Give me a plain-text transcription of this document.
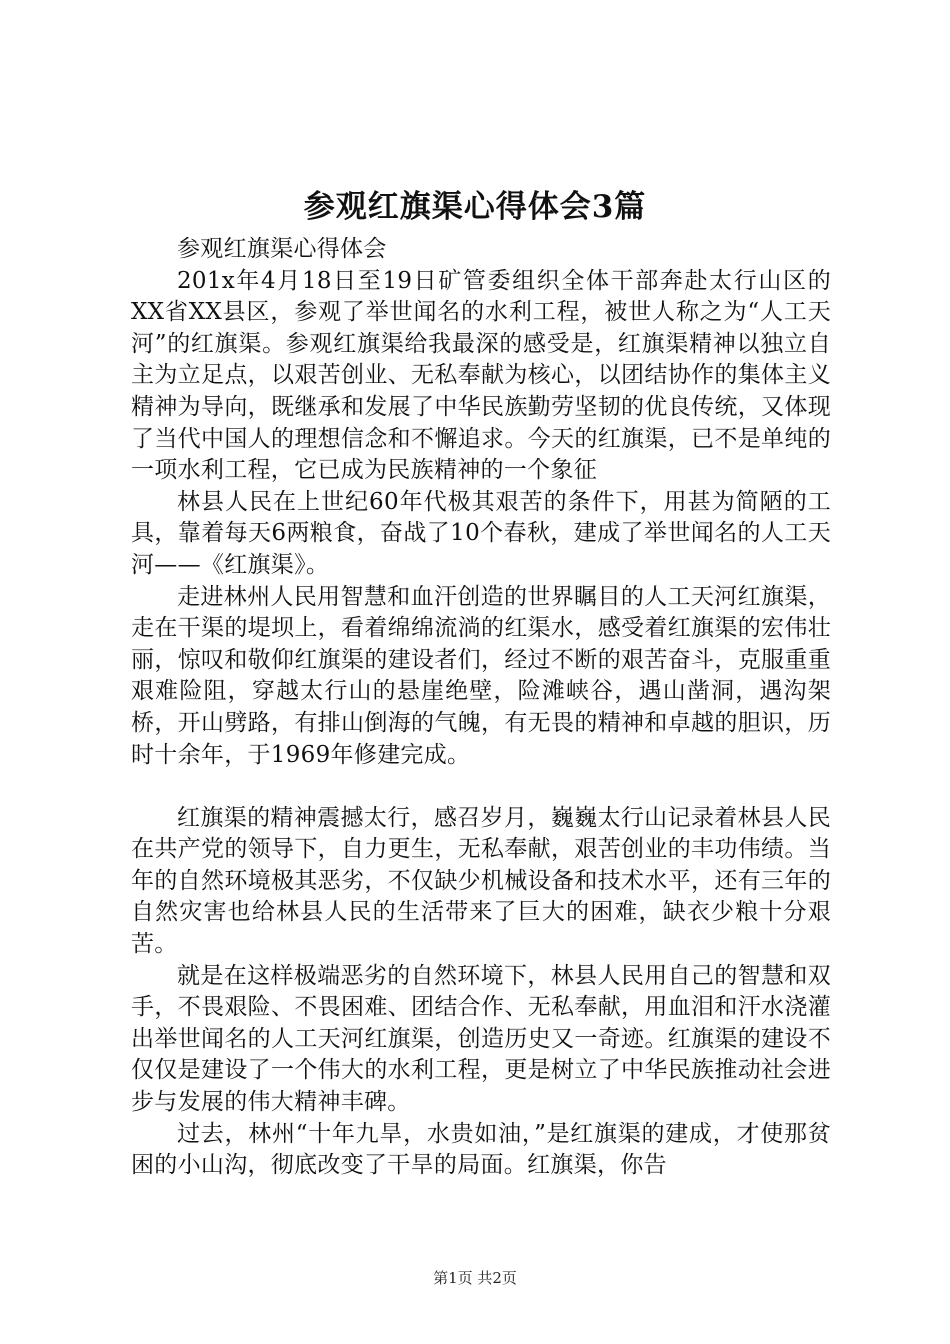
参观红旗渠心得体会3篇

参观红旗渠心得体会

201x年4月18日至19日矿管委组织全体干部奔赴太行山区的XX省XX县区，参观了举世闻名的水利工程，被世人称之为“人工天河”的红旗渠。参观红旗渠给我最深的感受是，红旗渠精神以独立自主为立足点，以艰苦创业、无私奉献为核心，以团结协作的集体主义精神为导向，既继承和发展了中华民族勤劳坚韧的优良传统，又体现了当代中国人的理想信念和不懈追求。今天的红旗渠，已不是单纯的一项水利工程，它已成为民族精神的一个象征

林县人民在上世纪60年代极其艰苦的条件下，用甚为简陋的工具，靠着每天6两粮食，奋战了10个春秋，建成了举世闻名的人工天河——《红旗渠》。

走进林州人民用智慧和血汗创造的世界瞩目的人工天河红旗渠，走在干渠的堤坝上，看着绵绵流淌的红渠水，感受着红旗渠的宏伟壮丽，惊叹和敬仰红旗渠的建设者们，经过不断的艰苦奋斗，克服重重艰难险阻，穿越太行山的悬崖绝壁，险滩峡谷，遇山凿洞，遇沟架桥，开山劈路，有排山倒海的气魄，有无畏的精神和卓越的胆识，历时十余年，于1969年修建完成。

红旗渠的精神震撼太行，感召岁月，巍巍太行山记录着林县人民在共产党的领导下，自力更生，无私奉献，艰苦创业的丰功伟绩。当年的自然环境极其恶劣，不仅缺少机械设备和技术水平，还有三年的自然灾害也给林县人民的生活带来了巨大的困难，缺衣少粮十分艰苦。

就是在这样极端恶劣的自然环境下，林县人民用自己的智慧和双手，不畏艰险、不畏困难、团结合作、无私奉献，用血泪和汗水浇灌出举世闻名的人工天河红旗渠，创造历史又一奇迹。红旗渠的建设不仅仅是建设了一个伟大的水利工程，更是树立了中华民族推动社会进步与发展的伟大精神丰碑。

过去，林州“十年九旱，水贵如油，”是红旗渠的建成，才使那贫困的小山沟，彻底改变了干旱的局面。红旗渠，你告

第1页 共2页
